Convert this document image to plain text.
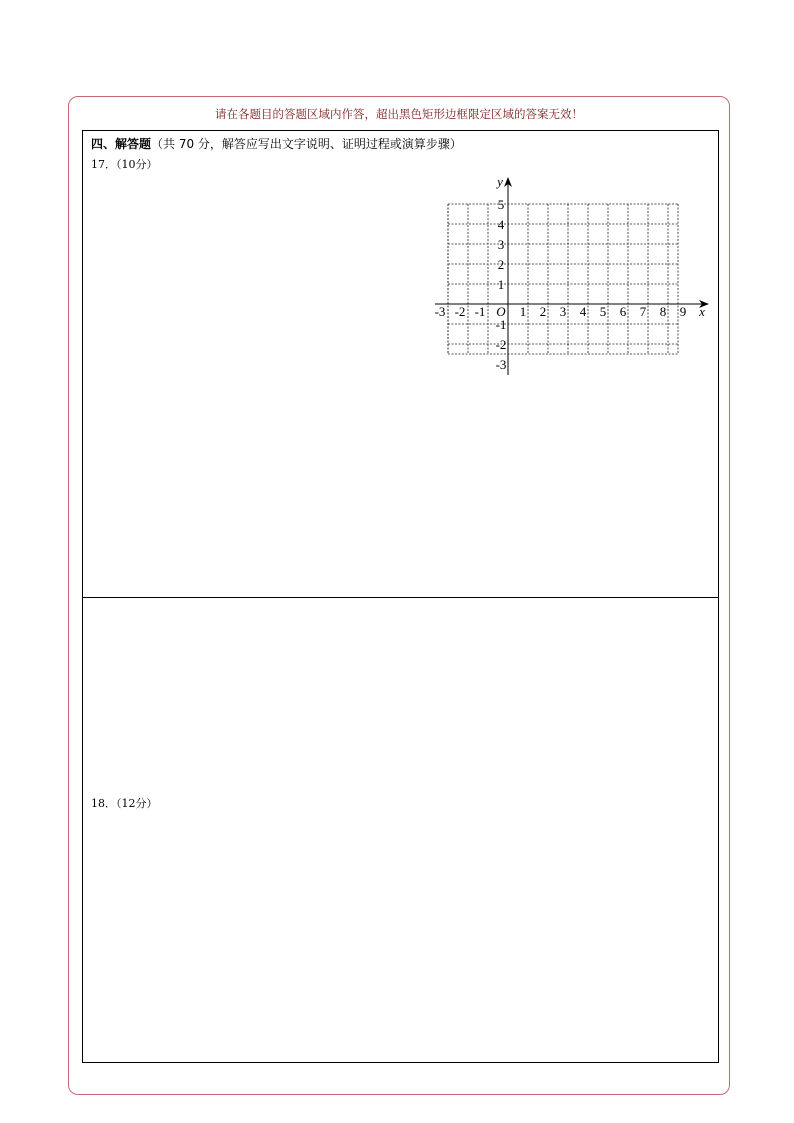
请在各题目的答题区域内作答，超出黑色矩形边框限定区域的答案无效！
四、解答题（共 70 分，解答应写出文字说明、证明过程或演算步骤）
17．（10分）
18．（12分）
-3 -2 -1	1 2 3 4 5 6 7 8 9
5
4
3
2
1
-1
-2
-3
O	x
y
